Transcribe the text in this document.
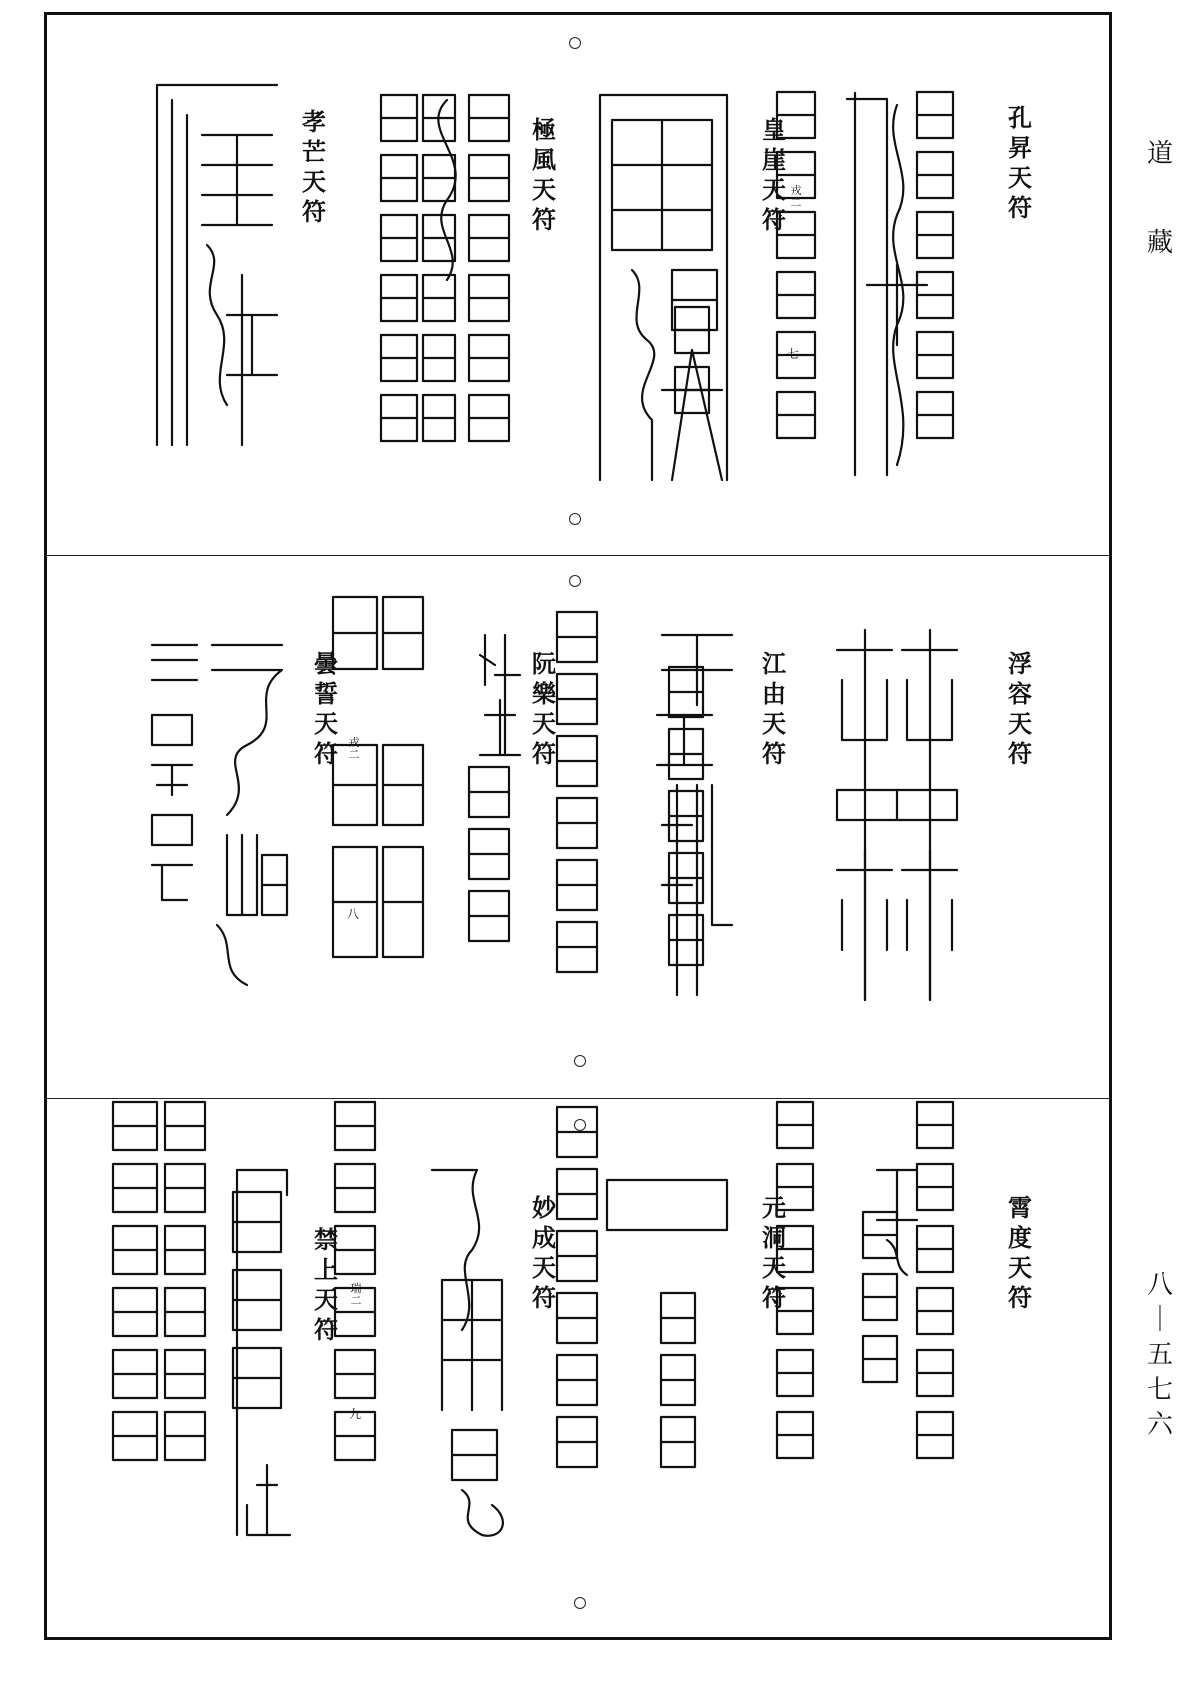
道
藏
八
｜
五
七
六
孔
昇
天
符
戎
二
皇
崖
天
符
七
極
風
天
符
孝
芒
天
符
浮
容
天
符
江
由
天
符
阮
樂
天
符
八
戎
二
曇
誓
天
符
霄
度
天
符
元
洞
天
符
妙
成
天
符
九
瑞
二
禁
上
天
符
